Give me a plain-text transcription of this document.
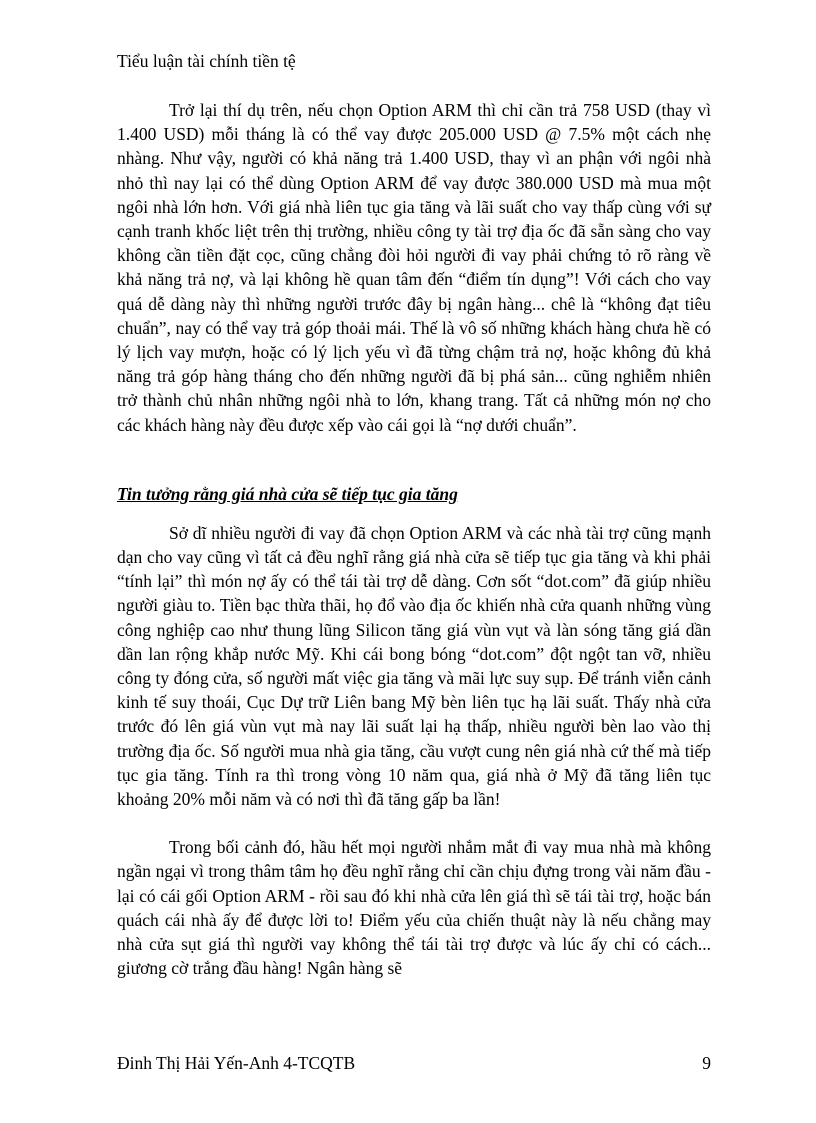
Tiểu luận tài chính tiền tệ

Trở lại thí dụ trên, nếu chọn Option ARM thì chỉ cần trả 758 USD (thay vì 1.400 USD) mỗi tháng là có thể vay được 205.000 USD @ 7.5% một cách nhẹ nhàng. Như vậy, người có khả năng trả 1.400 USD, thay vì an phận với ngôi nhà nhỏ thì nay lại có thể dùng Option ARM để vay được 380.000 USD mà mua một ngôi nhà lớn hơn. Với giá nhà liên tục gia tăng và lãi suất cho vay thấp cùng với sự cạnh tranh khốc liệt trên thị trường, nhiều công ty tài trợ địa ốc đã sẵn sàng cho vay không cần tiền đặt cọc, cũng chẳng đòi hỏi người đi vay phải chứng tỏ rõ ràng về khả năng trả nợ, và lại không hề quan tâm đến “điểm tín dụng”! Với cách cho vay quá dễ dàng này thì những người trước đây bị ngân hàng... chê là “không đạt tiêu chuẩn”, nay có thể vay trả góp thoải mái. Thế là vô số những khách hàng chưa hề có lý lịch vay mượn, hoặc có lý lịch yếu vì đã từng chậm trả nợ, hoặc không đủ khả năng trả góp hàng tháng cho đến những người đã bị phá sản... cũng nghiễm nhiên trở thành chủ nhân những ngôi nhà to lớn, khang trang. Tất cả những món nợ cho các khách hàng này đều được xếp vào cái gọi là “nợ dưới chuẩn”.

Tin tưởng rằng giá nhà cửa sẽ tiếp tục gia tăng

Sở dĩ nhiều người đi vay đã chọn Option ARM và các nhà tài trợ cũng mạnh dạn cho vay cũng vì tất cả đều nghĩ rằng giá nhà cửa sẽ tiếp tục gia tăng và khi phải “tính lại” thì món nợ ấy có thể tái tài trợ dễ dàng. Cơn sốt “dot.com” đã giúp nhiều người giàu to. Tiền bạc thừa thãi, họ đổ vào địa ốc khiến nhà cửa quanh những vùng công nghiệp cao như thung lũng Silicon tăng giá vùn vụt và làn sóng tăng giá dần dần lan rộng khắp nước Mỹ. Khi cái bong bóng “dot.com” đột ngột tan vỡ, nhiều công ty đóng cửa, số người mất việc gia tăng và mãi lực suy sụp. Để tránh viễn cảnh kinh tế suy thoái, Cục Dự trữ Liên bang Mỹ bèn liên tục hạ lãi suất. Thấy nhà cửa trước đó lên giá vùn vụt mà nay lãi suất lại hạ thấp, nhiều người bèn lao vào thị trường địa ốc. Số người mua nhà gia tăng, cầu vượt cung nên giá nhà cứ thế mà tiếp tục gia tăng. Tính ra thì trong vòng 10 năm qua, giá nhà ở Mỹ đã tăng liên tục khoảng 20% mỗi năm và có nơi thì đã tăng gấp ba lần!

Trong bối cảnh đó, hầu hết mọi người nhắm mắt đi vay mua nhà mà không ngần ngại vì trong thâm tâm họ đều nghĩ rằng chỉ cần chịu đựng trong vài năm đầu - lại có cái gối Option ARM - rồi sau đó khi nhà cửa lên giá thì sẽ tái tài trợ, hoặc bán quách cái nhà ấy để được lời to! Điểm yếu của chiến thuật này là nếu chẳng may nhà cửa sụt giá thì người vay không thể tái tài trợ được và lúc ấy chỉ có cách... giương cờ trắng đầu hàng! Ngân hàng sẽ

Đinh Thị Hải Yến-Anh 4-TCQTB	9
